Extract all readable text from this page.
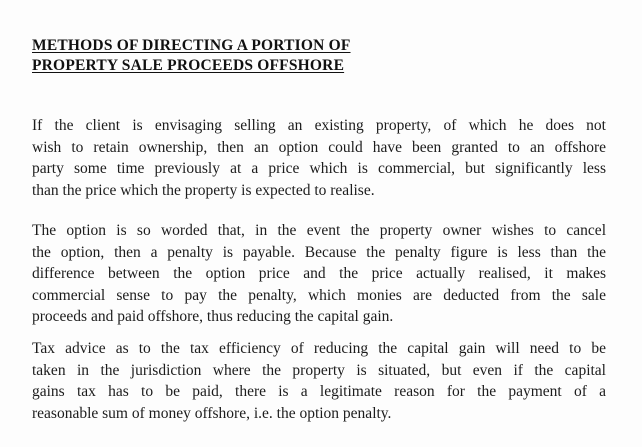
METHODS OF DIRECTING A PORTION OF
PROPERTY SALE PROCEEDS OFFSHORE

If the client is envisaging selling an existing property, of which he does not
wish to retain ownership, then an option could have been granted to an offshore
party some time previously at a price which is commercial, but significantly less
than the price which the property is expected to realise.

The option is so worded that, in the event the property owner wishes to cancel
the option, then a penalty is payable. Because the penalty figure is less than the
difference between the option price and the price actually realised, it makes
commercial sense to pay the penalty, which monies are deducted from the sale
proceeds and paid offshore, thus reducing the capital gain.

Tax advice as to the tax efficiency of reducing the capital gain will need to be
taken in the jurisdiction where the property is situated, but even if the capital
gains tax has to be paid, there is a legitimate reason for the payment of a
reasonable sum of money offshore, i.e. the option penalty.
